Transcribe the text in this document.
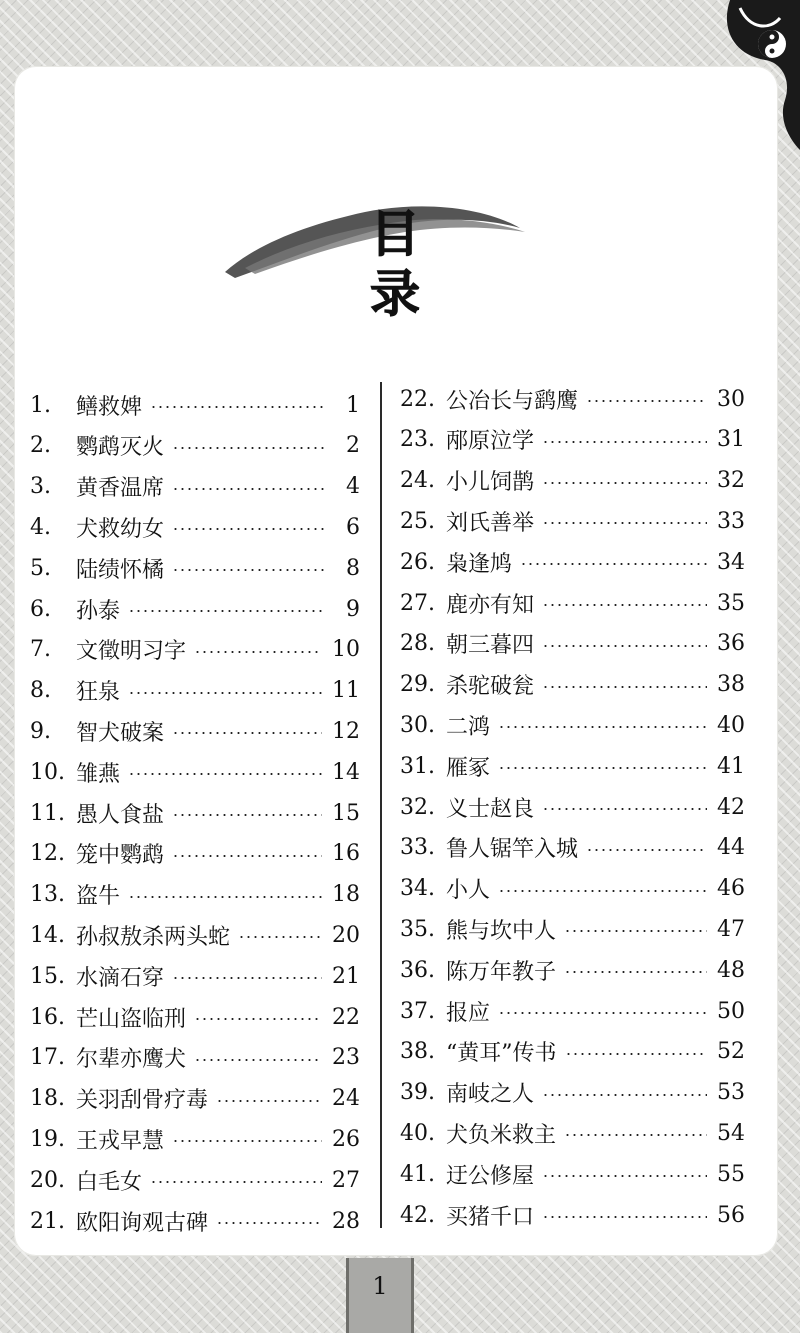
目录
1.	鳝救婢	1
2.	鹦鹉灭火	2
3.	黄香温席	4
4.	犬救幼女	6
5.	陆绩怀橘	8
6.	孙泰	9
7.	文徵明习字	10
8.	狂泉	11
9.	智犬破案	12
10. 雏燕	14
11. 愚人食盐	15
12. 笼中鹦鹉	16
13. 盗牛	18
14. 孙叔敖杀两头蛇	20
15. 水滴石穿	21
16. 芒山盗临刑	22
17. 尔辈亦鹰犬	23
18. 关羽刮骨疗毒	24
19. 王戎早慧	26
20. 白毛女	27
21. 欧阳询观古碑	28
22. 公冶长与鹞鹰	30
23. 邴原泣学	31
24. 小儿饲鹊	32
25. 刘氏善举	33
26. 枭逢鸠	34
27. 鹿亦有知	35
28. 朝三暮四	36
29. 杀驼破瓮	38
30. 二鸿	40
31. 雁冢	41
32. 义士赵良	42
33. 鲁人锯竿入城	44
34. 小人	46
35. 熊与坎中人	47
36. 陈万年教子	48
37. 报应	50
38. “黄耳”传书	52
39. 南岐之人	53
40. 犬负米救主	54
41. 迂公修屋	55
42. 买猪千口	56
1
